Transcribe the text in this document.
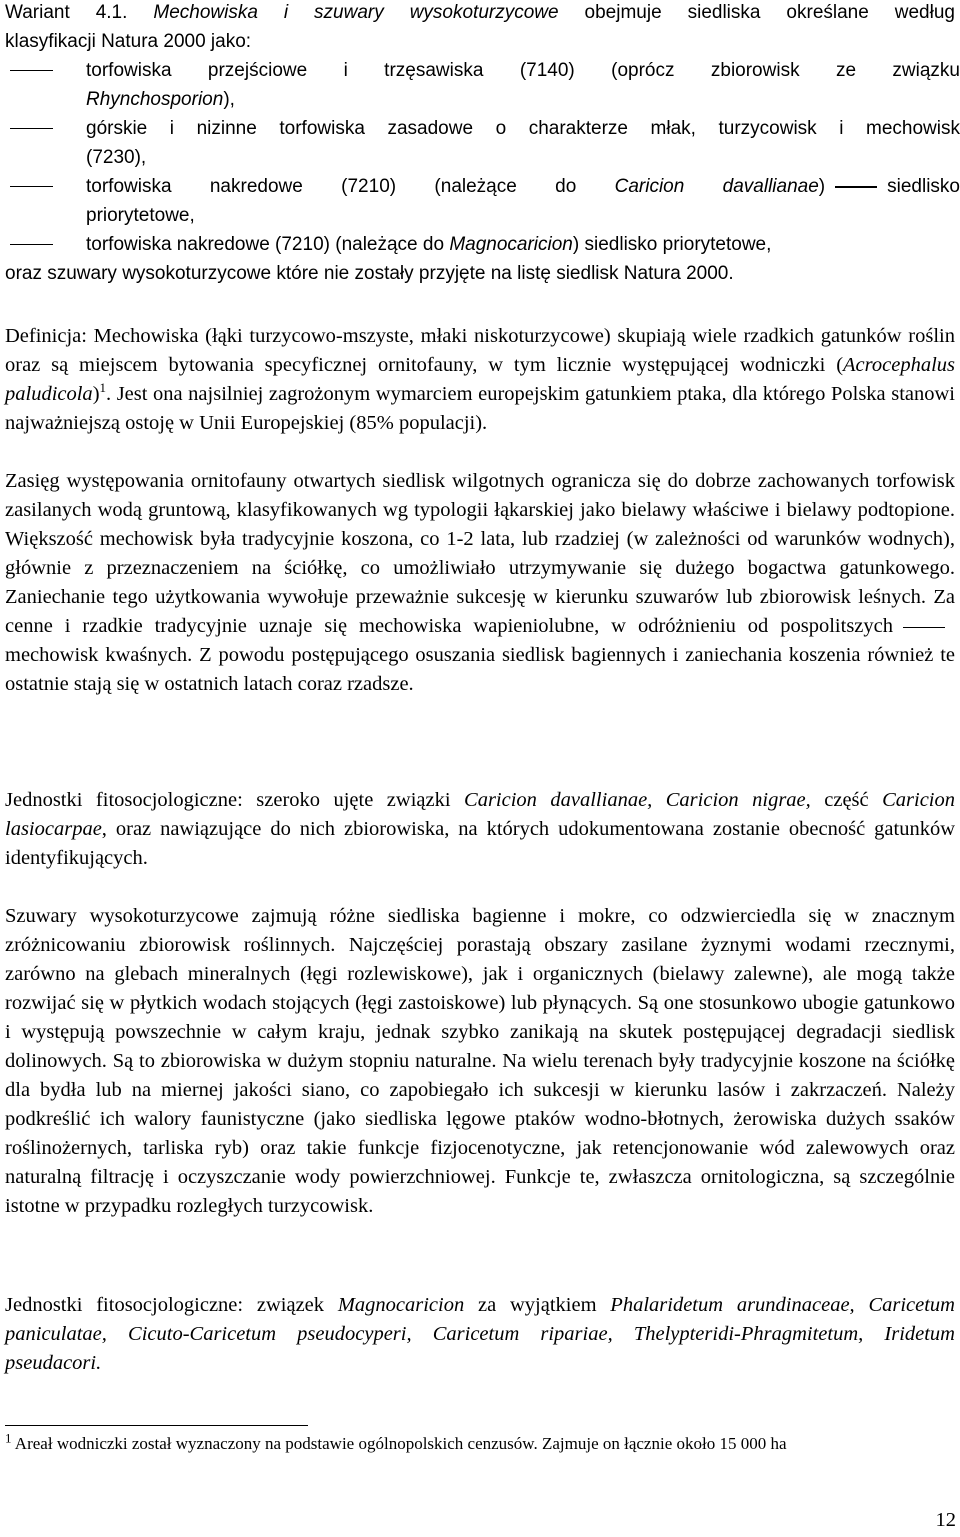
Wariant 4.1. Mechowiska i szuwary wysokoturzycowe obejmuje siedliska określane według
klasyfikacji Natura 2000 jako:
torfowiska przejściowe i trzęsawiska (7140) (oprócz zbiorowisk ze związku
Rhynchosporion),
górskie i nizinne torfowiska zasadowe o charakterze młak, turzycowisk i mechowisk
(7230),
torfowiska nakredowe (7210) (należące do Caricion davallianae)	siedlisko
priorytetowe,
torfowiska nakredowe (7210) (należące do Magnocaricion) siedlisko priorytetowe,
oraz szuwary wysokoturzycowe które nie zostały przyjęte na listę siedlisk Natura 2000.
Definicja: Mechowiska (łąki turzycowo-mszyste, młaki niskoturzycowe) skupiają wiele rzadkich gatunków roślin oraz są miejscem bytowania specyficznej ornitofauny, w tym licznie występującej wodniczki (Acrocephalus paludicola)$^1$. Jest ona najsilniej zagrożonym wymarciem europejskim gatunkiem ptaka, dla którego Polska stanowi najważniejszą ostoję w Unii Europejskiej (85% populacji).
Zasięg występowania ornitofauny otwartych siedlisk wilgotnych ogranicza się do dobrze zachowanych torfowisk zasilanych wodą gruntową, klasyfikowanych wg typologii łąkarskiej jako bielawy właściwe i bielawy podtopione. Większość mechowisk była tradycyjnie koszona, co 1-2 lata, lub rzadziej (w zależności od warunków wodnych), głównie z przeznaczeniem na ściółkę, co umożliwiało utrzymywanie się dużego bogactwa gatunkowego. Zaniechanie tego użytkowania wywołuje przeważnie sukcesję w kierunku szuwarów lub zbiorowisk leśnych. Za cenne i rzadkie tradycyjnie uznaje się mechowiska wapieniolubne, w odróżnieniu od pospolitszychmechowisk kwaśnych. Z powodu postępującego osuszania siedlisk bagiennych i zaniechania koszenia również te ostatnie stają się w ostatnich latach coraz rzadsze.
Jednostki fitosocjologiczne: szeroko ujęte związki Caricion davallianae, Caricion nigrae, część Caricion lasiocarpae, oraz nawiązujące do nich zbiorowiska, na których udokumentowana zostanie obecność gatunków identyfikujących.
Szuwary wysokoturzycowe zajmują różne siedliska bagienne i mokre, co odzwierciedla się w znacznym zróżnicowaniu zbiorowisk roślinnych. Najczęściej porastają obszary zasilane żyznymi wodami rzecznymi, zarówno na glebach mineralnych (łęgi rozlewiskowe), jak i organicznych (bielawy zalewne), ale mogą także rozwijać się w płytkich wodach stojących (łęgi zastoiskowe) lub płynących. Są one stosunkowo ubogie gatunkowo i występują powszechnie w całym kraju, jednak szybko zanikają na skutek postępującej degradacji siedlisk dolinowych. Są to zbiorowiska w dużym stopniu naturalne. Na wielu terenach były tradycyjnie koszone na ściółkę dla bydła lub na miernej jakości siano, co zapobiegało ich sukcesji w kierunku lasów i zakrzaczeń. Należy podkreślić ich walory faunistyczne (jako siedliska lęgowe ptaków wodno-błotnych, żerowiska dużych ssaków roślinożernych, tarliska ryb) oraz takie funkcje fizjocenotyczne, jak retencjonowanie wód zalewowych oraz naturalną filtrację i oczyszczanie wody powierzchniowej. Funkcje te, zwłaszcza ornitologiczna, są szczególnie istotne w przypadku rozległych turzycowisk.
Jednostki fitosocjologiczne: związek Magnocaricion za wyjątkiem Phalaridetum arundinaceae, Caricetum paniculatae, Cicuto-Caricetum pseudocyperi, Caricetum ripariae, Thelypteridi-Phragmitetum, Iridetum pseudacori.
$^1$ Areał wodniczki został wyznaczony na podstawie ogólnopolskich cenzusów. Zajmuje on łącznie około 15 000 ha
12
